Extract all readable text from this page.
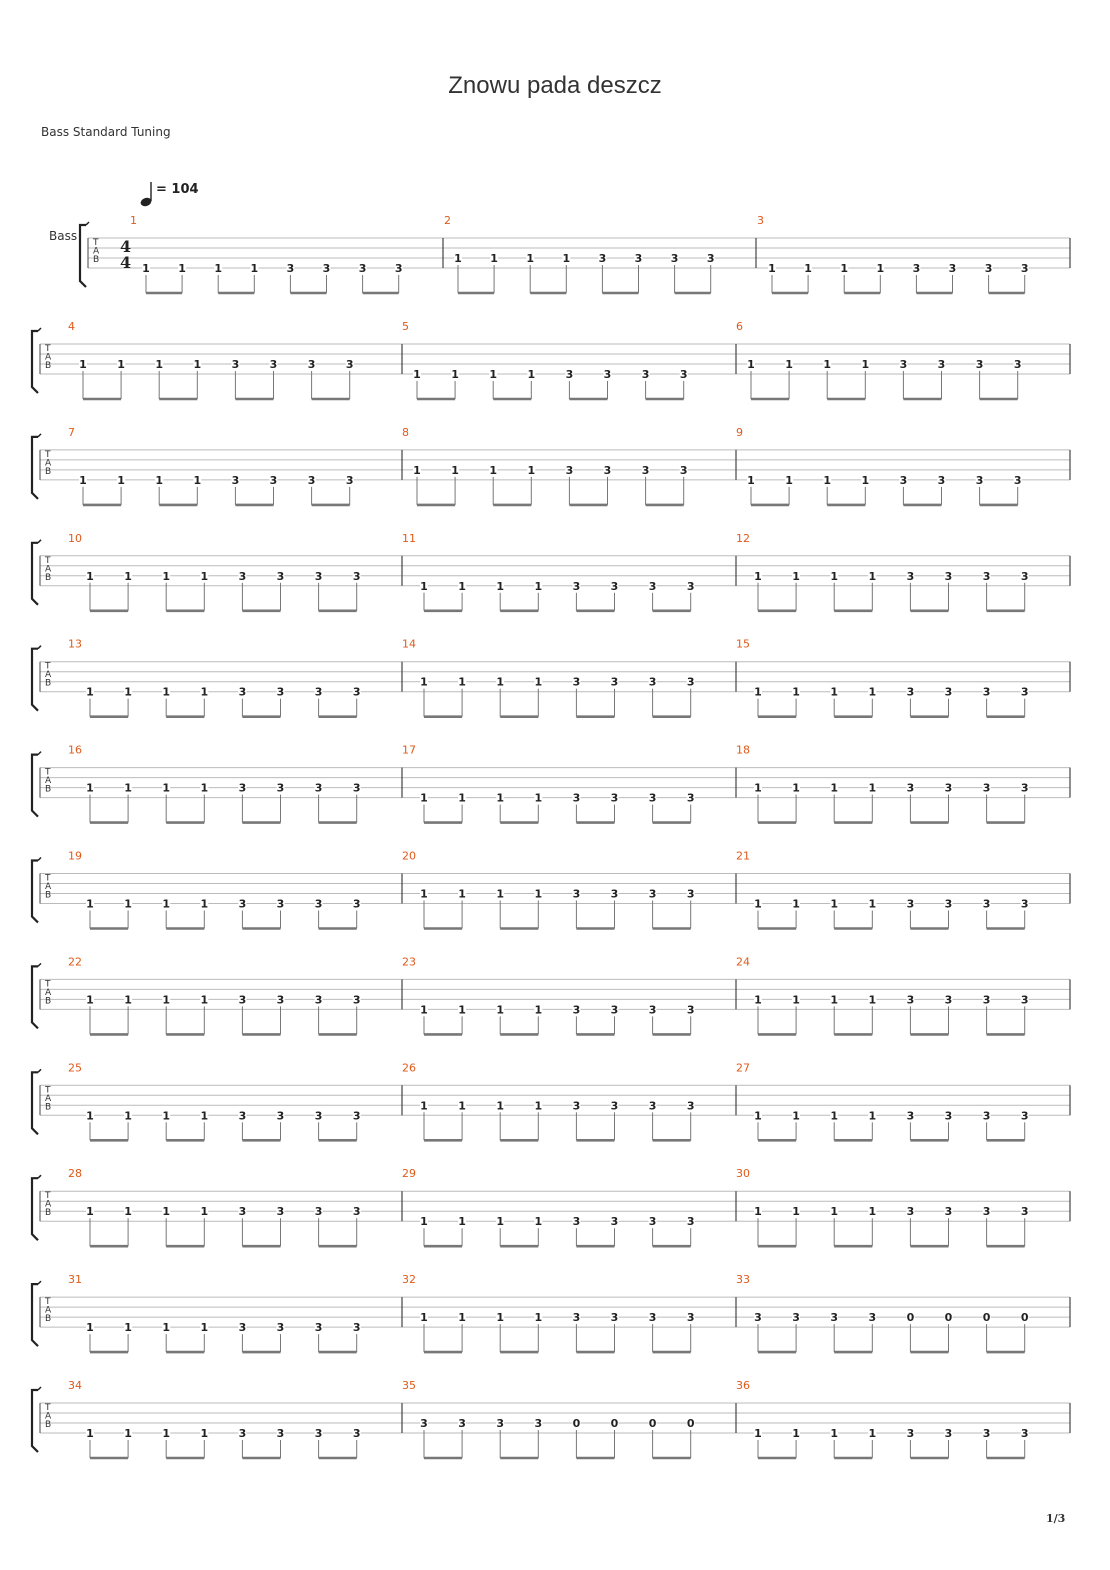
Znowu pada deszcz
Bass Standard Tuning
= 104
T
A
B
Bass
4
4
1
1	1	1	1	3	3	3	3
2
1	1	1	1	3	3	3	3
3
1	1	1	1	3	3	3	3
T
A
B
4
1	1	1	1	3	3	3	3
5
1	1	1	1	3	3	3	3
6
1	1	1	1	3	3	3	3
T
A
B
7
1	1	1	1	3	3	3	3
8
1	1	1	1	3	3	3	3
9
1	1	1	1	3	3	3	3
T
A
B
10
1	1	1	1	3	3	3	3
11
1	1	1	1	3	3	3	3
12
1	1	1	1	3	3	3	3
T
A
B
13
1	1	1	1	3	3	3	3
14
1	1	1	1	3	3	3	3
15
1	1	1	1	3	3	3	3
T
A
B
16
1	1	1	1	3	3	3	3
17
1	1	1	1	3	3	3	3
18
1	1	1	1	3	3	3	3
T
A
B
19
1	1	1	1	3	3	3	3
20
1	1	1	1	3	3	3	3
21
1	1	1	1	3	3	3	3
T
A
B
22
1	1	1	1	3	3	3	3
23
1	1	1	1	3	3	3	3
24
1	1	1	1	3	3	3	3
T
A
B
25
1	1	1	1	3	3	3	3
26
1	1	1	1	3	3	3	3
27
1	1	1	1	3	3	3	3
T
A
B
28
1	1	1	1	3	3	3	3
29
1	1	1	1	3	3	3	3
30
1	1	1	1	3	3	3	3
T
A
B
31
1	1	1	1	3	3	3	3
32
1	1	1	1	3	3	3	3
33
3	3	3	3	0	0	0	0
T
A
B
34
1	1	1	1	3	3	3	3
35
3	3	3	3	0	0	0	0
36
1	1	1	1	3	3	3	3
1/3
